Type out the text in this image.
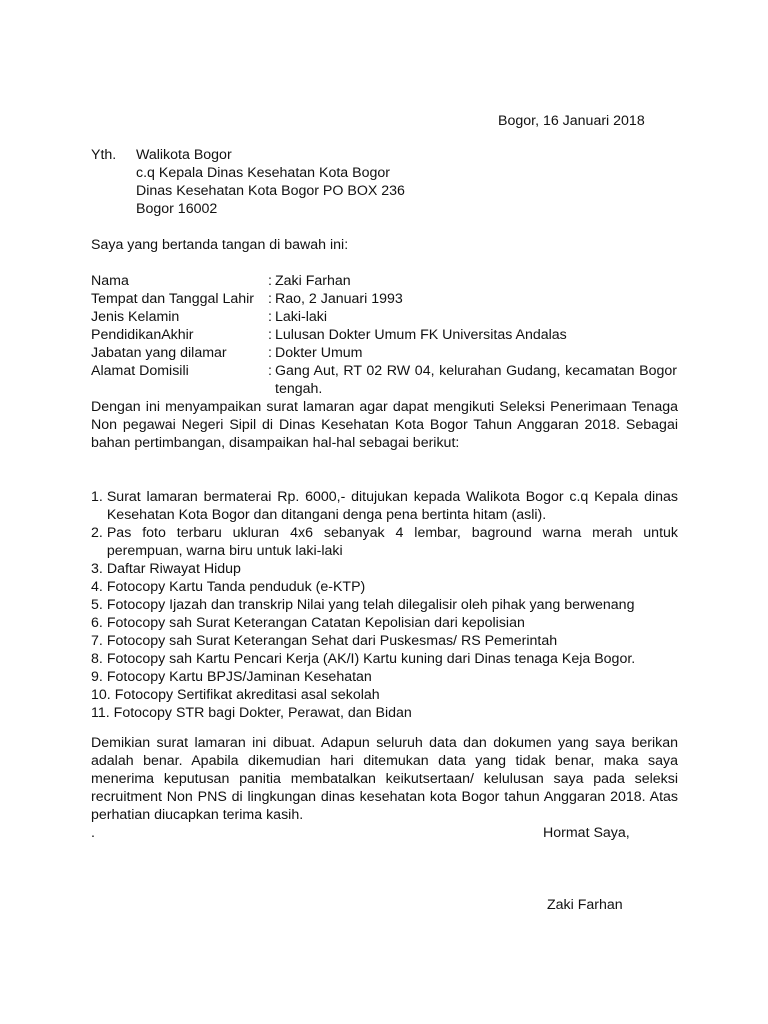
Bogor, 16 Januari 2018
Yth. Walikota Bogor
c.q Kepala Dinas Kesehatan Kota Bogor
Dinas Kesehatan Kota Bogor PO BOX 236
Bogor 16002
Saya yang bertanda tangan di bawah ini:
Nama	: Zaki Farhan
Tempat dan Tanggal Lahir : Rao, 2 Januari 1993
Jenis Kelamin	: Laki-laki
PendidikanAkhir	: Lulusan Dokter Umum FK Universitas Andalas
Jabatan yang dilamar	: Dokter Umum
Alamat Domisili	: Gang Aut, RT 02 RW 04, kelurahan Gudang, kecamatan Bogor tengah.
Dengan ini menyampaikan surat lamaran agar dapat mengikuti Seleksi Penerimaan Tenaga Non pegawai Negeri Sipil di Dinas Kesehatan Kota Bogor Tahun Anggaran 2018. Sebagai bahan pertimbangan, disampaikan hal-hal sebagai berikut:
1. Surat lamaran bermaterai Rp. 6000,- ditujukan kepada Walikota Bogor c.q Kepala dinas Kesehatan Kota Bogor dan ditangani denga pena bertinta hitam (asli).
2. Pas foto terbaru ukluran 4x6 sebanyak 4 lembar, baground warna merah untuk perempuan, warna biru untuk laki-laki
3. Daftar Riwayat Hidup
4. Fotocopy Kartu Tanda penduduk (e-KTP)
5. Fotocopy Ijazah dan transkrip Nilai yang telah dilegalisir oleh pihak yang berwenang
6. Fotocopy sah Surat Keterangan Catatan Kepolisian dari kepolisian
7. Fotocopy sah Surat Keterangan Sehat dari Puskesmas/ RS Pemerintah
8. Fotocopy sah Kartu Pencari Kerja (AK/I) Kartu kuning dari Dinas tenaga Keja Bogor.
9. Fotocopy Kartu BPJS/Jaminan Kesehatan
10. Fotocopy Sertifikat akreditasi asal sekolah
11. Fotocopy STR bagi Dokter, Perawat, dan Bidan
Demikian surat lamaran ini dibuat. Adapun seluruh data dan dokumen yang saya berikan adalah benar. Apabila dikemudian hari ditemukan data yang tidak benar, maka saya menerima keputusan panitia membatalkan keikutsertaan/ kelulusan saya pada seleksi recruitment Non PNS di lingkungan dinas kesehatan kota Bogor tahun Anggaran 2018. Atas perhatian diucapkan terima kasih.
.	Hormat Saya,
Zaki Farhan
